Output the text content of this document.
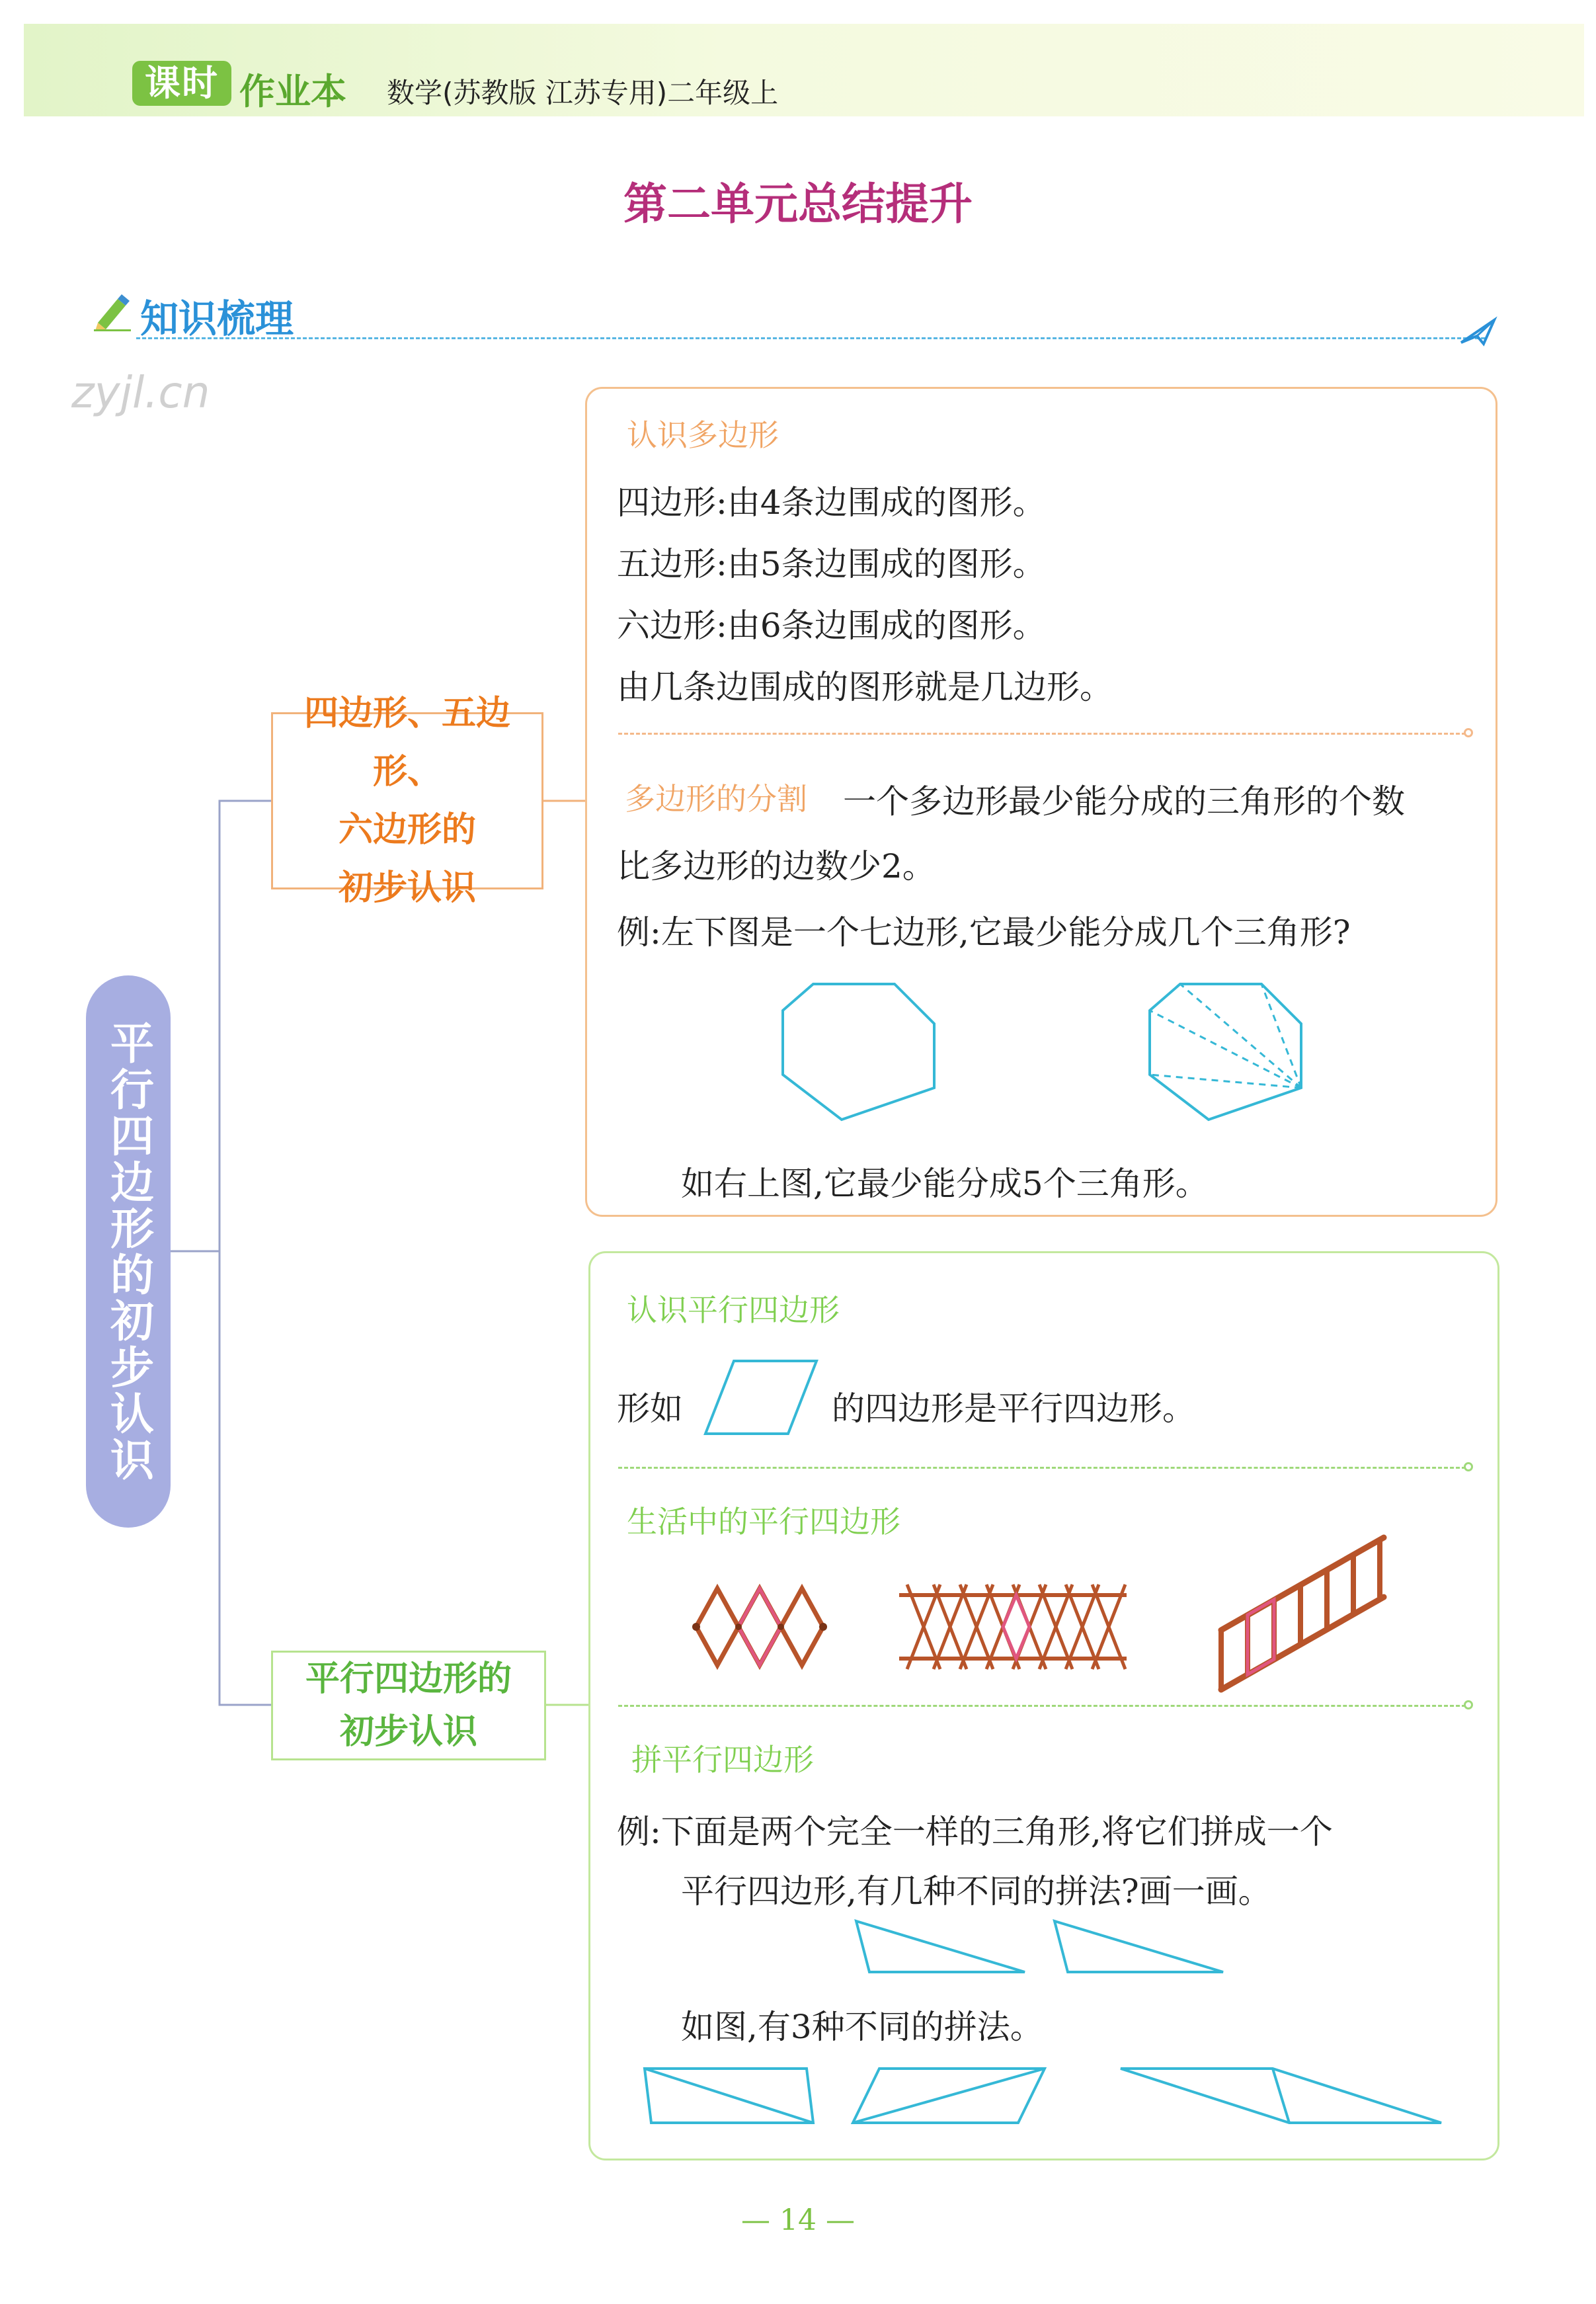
课时 作业本 数学(苏教版 江苏专用)二年级上
第二单元总结提升
知识梳理
zyjl.cn
平行四边形的初步认识
四边形、五边形、
六边形的
初步认识
平行四边形的
初步认识
认识多边形
四边形:由4条边围成的图形。
五边形:由5条边围成的图形。
六边形:由6条边围成的图形。
由几条边围成的图形就是几边形。
多边形的分割 一个多边形最少能分成的三角形的个数
比多边形的边数少2。
例:左下图是一个七边形,它最少能分成几个三角形?
如右上图,它最少能分成5个三角形。
认识平行四边形
形如	的四边形是平行四边形。
生活中的平行四边形
拼平行四边形
例:下面是两个完全一样的三角形,将它们拼成一个
平行四边形,有几种不同的拼法?画一画。
如图,有3种不同的拼法。
— 14 —
